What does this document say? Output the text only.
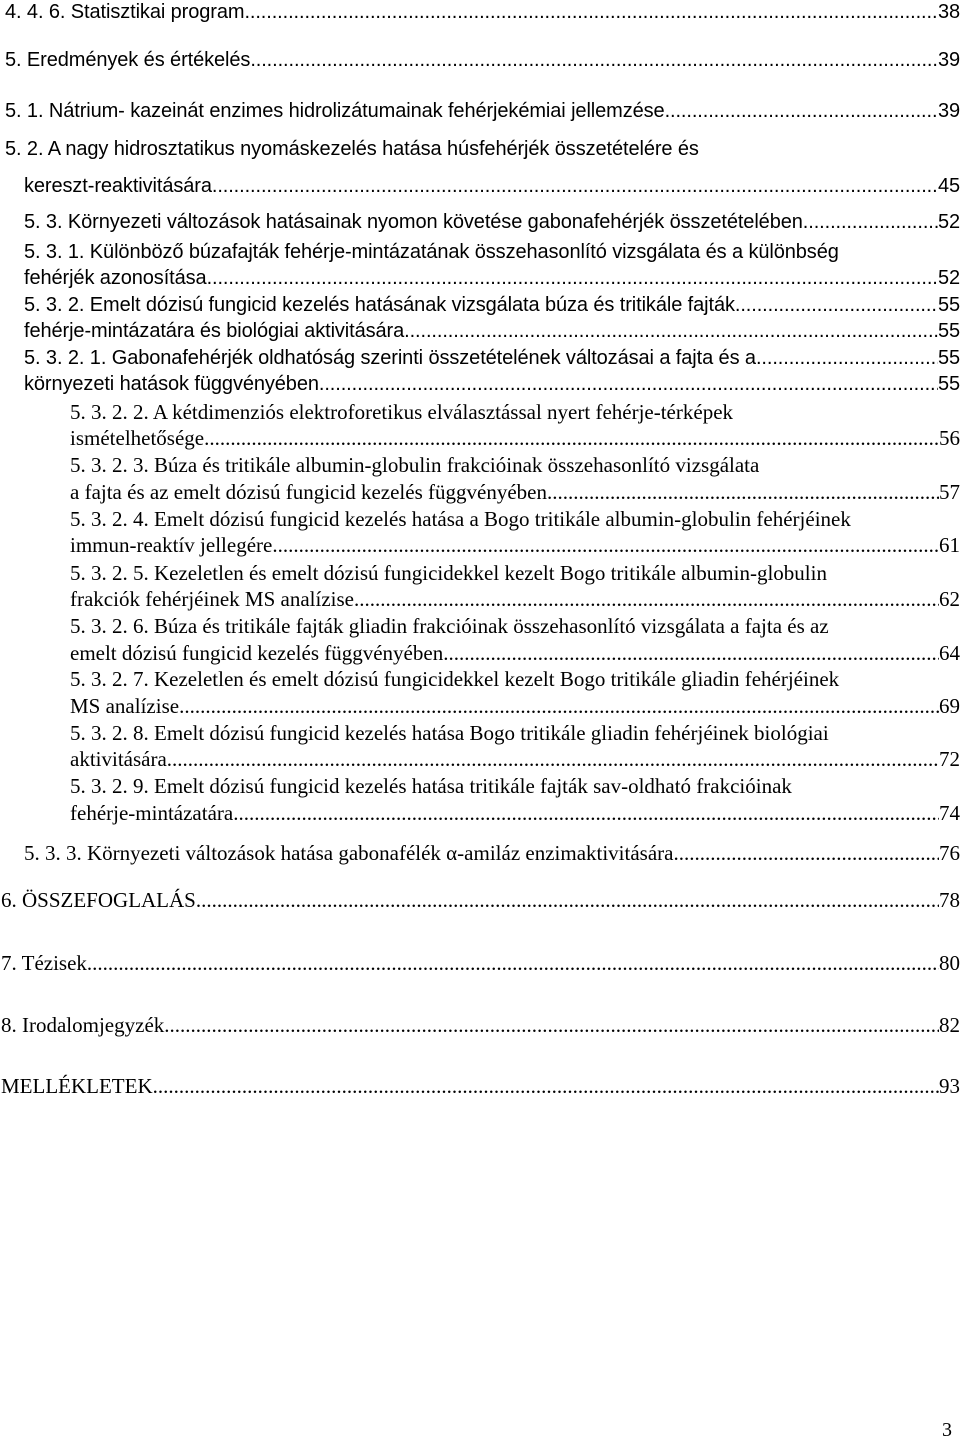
4. 4. 6. Statisztikai program .....	38
5. Eredmények és értékelés .....	39
5. 1. Nátrium- kazeinát enzimes hidrolizátumainak fehérjekémiai jellemzése .....	39
5. 2. A nagy hidrosztatikus nyomáskezelés hatása húsfehérjék összetételére és
kereszt-reaktivitására .....	45
5. 3. Környezeti változások hatásainak nyomon követése gabonafehérjék összetételében .....	52
5. 3. 1. Különböző búzafajták fehérje-mintázatának összehasonlító vizsgálata és a különbség
fehérjék azonosítása .....	52
5. 3. 2. Emelt dózisú fungicid kezelés hatásának vizsgálata búza és tritikále fajták .....	55
fehérje-mintázatára és biológiai aktivitására .....	55
5. 3. 2. 1. Gabonafehérjék oldhatóság szerinti összetételének változásai a fajta és a .....	55
környezeti hatások függvényében .....	55
5. 3. 2. 2. A kétdimenziós elektroforetikus elválasztással nyert fehérje-térképek
ismételhetősége .....	56
5. 3. 2. 3. Búza és tritikále albumin-globulin frakcióinak összehasonlító vizsgálata
a fajta és az emelt dózisú fungicid kezelés függvényében .....	57
5. 3. 2. 4. Emelt dózisú fungicid kezelés hatása a Bogo tritikále albumin-globulin fehérjéinek
immun-reaktív jellegére .....	61
5. 3. 2. 5. Kezeletlen és emelt dózisú fungicidekkel kezelt Bogo tritikále albumin-globulin
frakciók fehérjéinek MS analízise .....	62
5. 3. 2. 6. Búza és tritikále fajták gliadin frakcióinak összehasonlító vizsgálata a fajta és az
emelt dózisú fungicid kezelés függvényében .....	64
5. 3. 2. 7. Kezeletlen és emelt dózisú fungicidekkel kezelt Bogo tritikále gliadin fehérjéinek
MS analízise .....	69
5. 3. 2. 8. Emelt dózisú fungicid kezelés hatása Bogo tritikále gliadin fehérjéinek biológiai
aktivitására .....	72
5. 3. 2. 9. Emelt dózisú fungicid kezelés hatása tritikále fajták sav-oldható frakcióinak
fehérje-mintázatára .....	74
5. 3. 3. Környezeti változások hatása gabonafélék α-amiláz enzimaktivitására .....	76
6. ÖSSZEFOGLALÁS .....	78
7. Tézisek .....	80
8. Irodalomjegyzék .....	82
MELLÉKLETEK .....	93
3
